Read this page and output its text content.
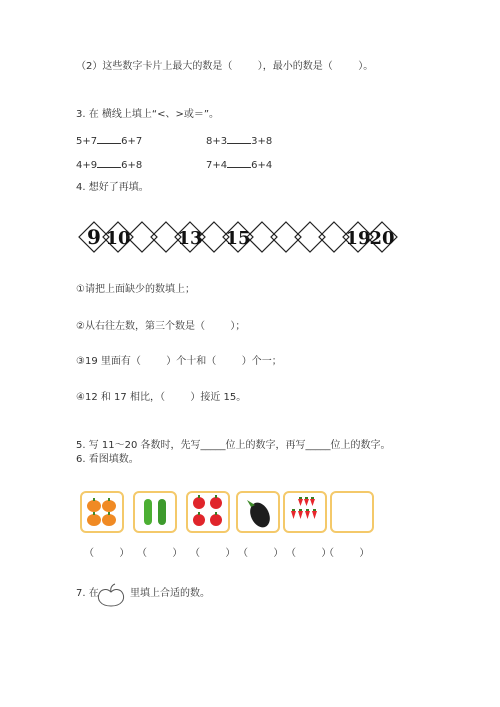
（2）这些数字卡片上最大的数是（        ），最小的数是（        ）。
3. 在 横线上填上“<、>或＝”。
5+7 6+7	8+3 3+8
4+9 6+8	7+4 6+4
4. 想好了再填。
9 10	13 15	19
20
①请把上面缺少的数填上；
②从右往左数，第三个数是（        ）；
③19 里面有（        ）个十和（        ）个一；
④12 和 17 相比，（        ）接近 15。
5. 写 11～20 各数时，先写_____位上的数字，再写_____位上的数字。
6. 看图填数。
（        ） （        ） （        ） （        ） （        ）
（        ）
7. 在	里填上合适的数。
